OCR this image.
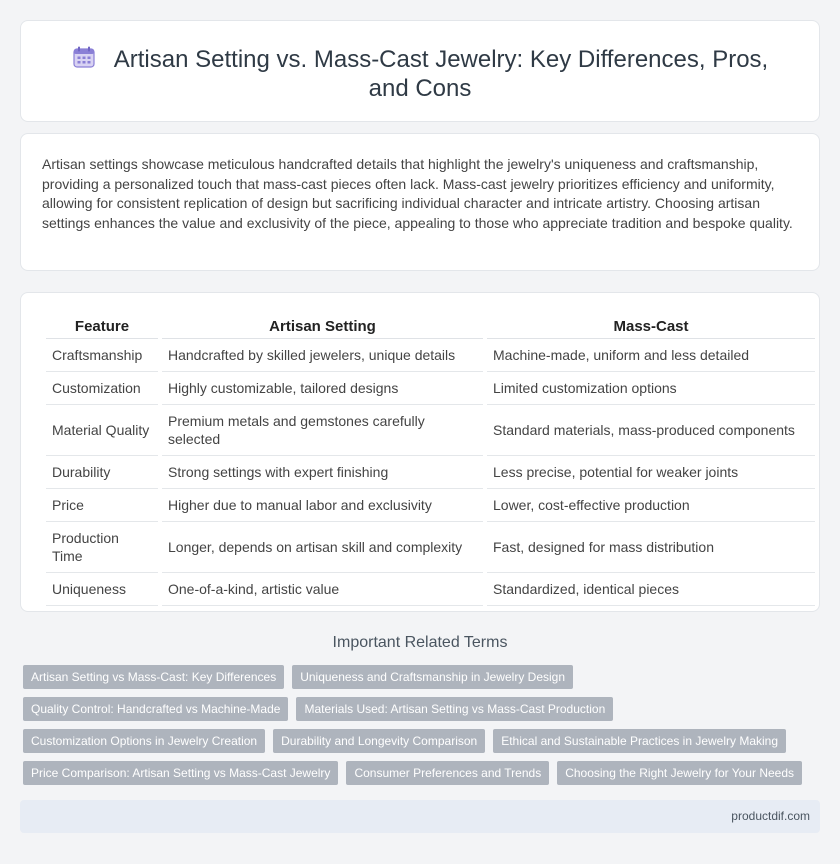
Artisan Setting vs. Mass-Cast Jewelry: Key Differences, Pros, and Cons

Artisan settings showcase meticulous handcrafted details that highlight the jewelry's uniqueness and craftsmanship, providing a personalized touch that mass-cast pieces often lack. Mass-cast jewelry prioritizes efficiency and uniformity, allowing for consistent replication of design but sacrificing individual character and intricate artistry. Choosing artisan settings enhances the value and exclusivity of the piece, appealing to those who appreciate tradition and bespoke quality.

Feature	Artisan Setting	Mass-Cast
Craftsmanship	Handcrafted by skilled jewelers, unique details	Machine-made, uniform and less detailed
Customization	Highly customizable, tailored designs	Limited customization options
Material Quality	Premium metals and gemstones carefully selected	Standard materials, mass-produced components
Durability	Strong settings with expert finishing	Less precise, potential for weaker joints
Price	Higher due to manual labor and exclusivity	Lower, cost-effective production
Production Time	Longer, depends on artisan skill and complexity	Fast, designed for mass distribution
Uniqueness	One-of-a-kind, artistic value	Standardized, identical pieces
Important Related Terms
Artisan Setting vs Mass-Cast: Key Differences	Uniqueness and Craftsmanship in Jewelry Design
Quality Control: Handcrafted vs Machine-Made	Materials Used: Artisan Setting vs Mass-Cast Production
Customization Options in Jewelry Creation	Durability and Longevity Comparison	Ethical and Sustainable Practices in Jewelry Making
Price Comparison: Artisan Setting vs Mass-Cast Jewelry	Consumer Preferences and Trends	Choosing the Right Jewelry for Your Needs
productdif.com
